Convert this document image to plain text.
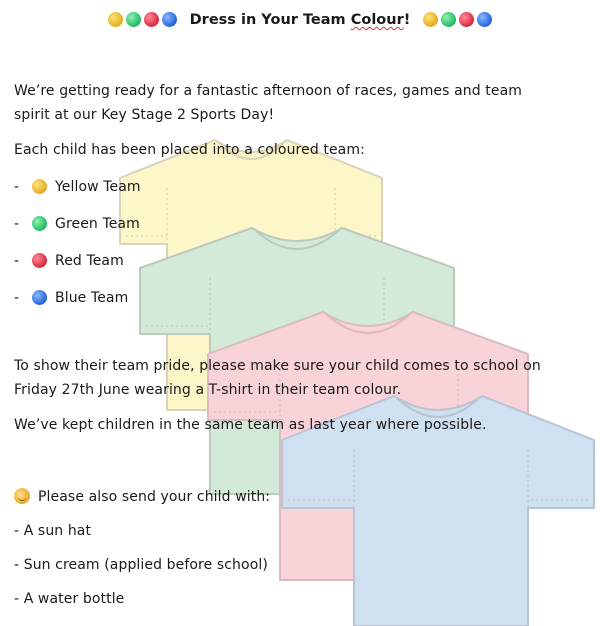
Dress in Your Team Colour!
We’re getting ready for a fantastic afternoon of races, games and team
spirit at our Key Stage 2 Sports Day!
Each child has been placed into a coloured team:
-	Yellow Team
-	Green Team
-	Red Team
-	Blue Team
To show their team pride, please make sure your child comes to school on
Friday 27th June wearing a T-shirt in their team colour.
We’ve kept children in the same team as last year where possible.
Please also send your child with:
- A sun hat
- Sun cream (applied before school)
- A water bottle
